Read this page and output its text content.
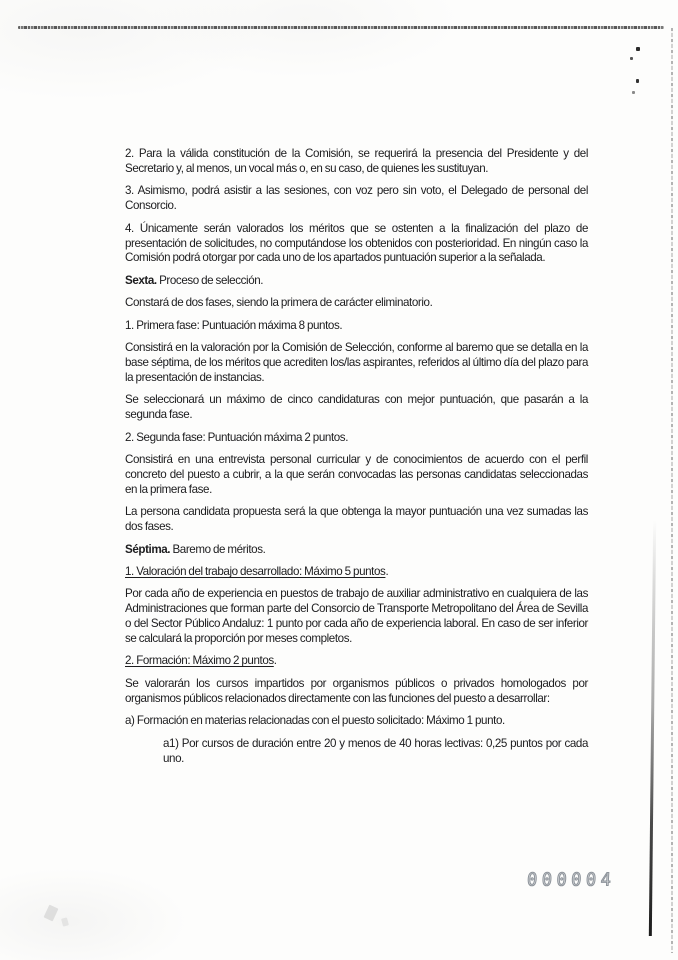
2. Para la válida constitución de la Comisión, se requerirá la presencia del Presidente y del Secretario y, al menos, un vocal más o, en su caso, de quienes les sustituyan.

3. Asimismo, podrá asistir a las sesiones, con voz pero sin voto, el Delegado de personal del Consorcio.

4. Únicamente serán valorados los méritos que se ostenten a la finalización del plazo de presentación de solicitudes, no computándose los obtenidos con posterioridad. En ningún caso la Comisión podrá otorgar por cada uno de los apartados puntuación superior a la señalada.

Sexta. Proceso de selección.

Constará de dos fases, siendo la primera de carácter eliminatorio.

1. Primera fase: Puntuación máxima 8 puntos.

Consistirá en la valoración por la Comisión de Selección, conforme al baremo que se detalla en la base séptima, de los méritos que acrediten los/las aspirantes, referidos al último día del plazo para la presentación de instancias.

Se seleccionará un máximo de cinco candidaturas con mejor puntuación, que pasarán a la segunda fase.

2. Segunda fase: Puntuación máxima 2 puntos.

Consistirá en una entrevista personal curricular y de conocimientos de acuerdo con el perfil concreto del puesto a cubrir, a la que serán convocadas las personas candidatas seleccionadas en la primera fase.

La persona candidata propuesta será la que obtenga la mayor puntuación una vez sumadas las dos fases.

Séptima. Baremo de méritos.

1. Valoración del trabajo desarrollado: Máximo 5 puntos.

Por cada año de experiencia en puestos de trabajo de auxiliar administrativo en cualquiera de las Administraciones que forman parte del Consorcio de Transporte Metropolitano del Área de Sevilla o del Sector Público Andaluz: 1 punto por cada año de experiencia laboral. En caso de ser inferior se calculará la proporción por meses completos.

2. Formación: Máximo 2 puntos.

Se valorarán los cursos impartidos por organismos públicos o privados homologados por organismos públicos relacionados directamente con las funciones del puesto a desarrollar:

a) Formación en materias relacionadas con el puesto solicitado: Máximo 1 punto.

a1) Por cursos de duración entre 20 y menos de 40 horas lectivas: 0,25 puntos por cada uno.

000004
